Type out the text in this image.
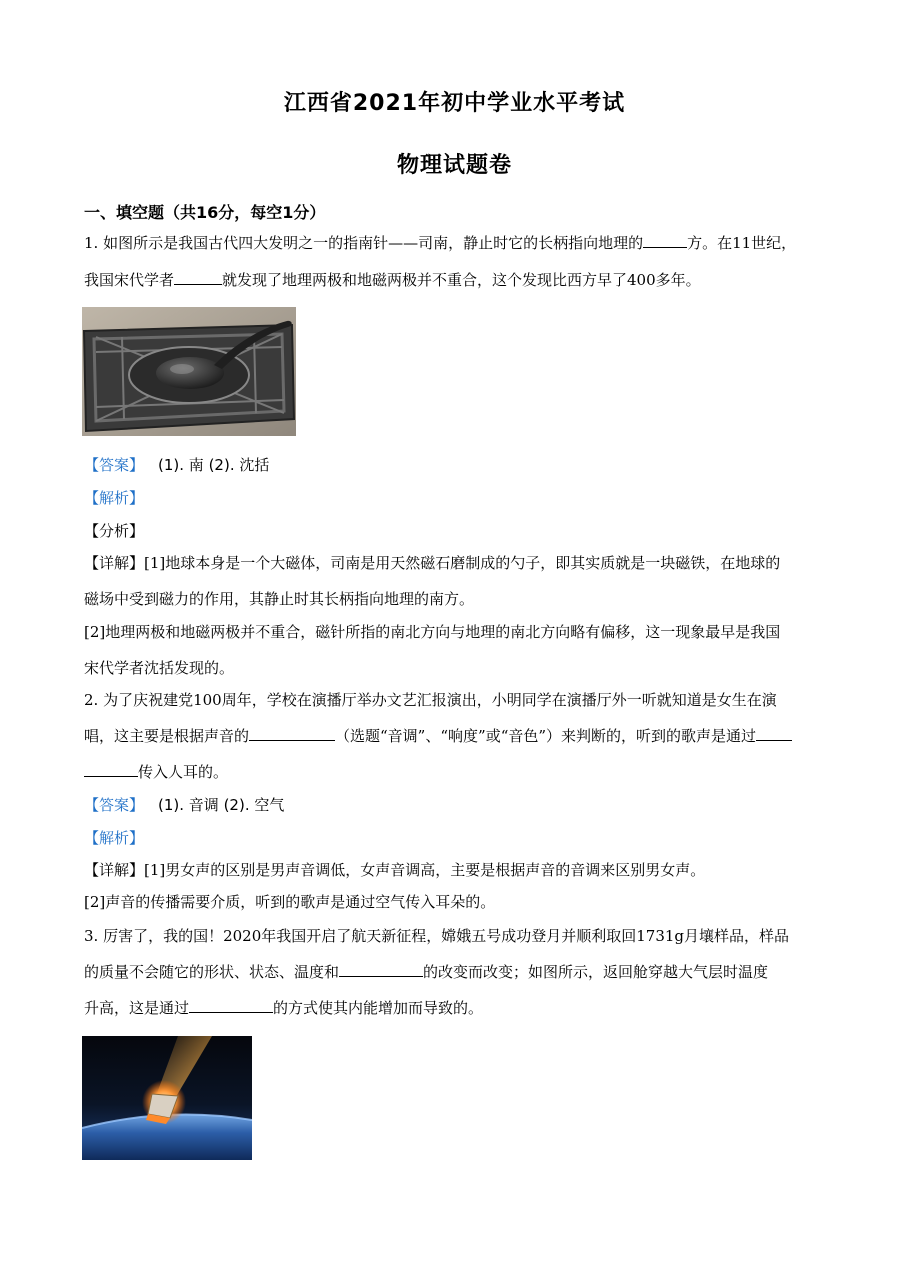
江西省2021年初中学业水平考试
物理试题卷
一、填空题（共16分，每空1分）
1. 如图所示是我国古代四大发明之一的指南针——司南，静止时它的长柄指向地理的	方。在11世纪，
我国宋代学者	就发现了地理两极和地磁两极并不重合，这个发现比西方早了400多年。
【答案】 (1). 南 (2). 沈括
【解析】
【分析】
【详解】[1]地球本身是一个大磁体，司南是用天然磁石磨制成的勺子，即其实质就是一块磁铁，在地球的
磁场中受到磁力的作用，其静止时其长柄指向地理的南方。
[2]地理两极和地磁两极并不重合，磁针所指的南北方向与地理的南北方向略有偏移，这一现象最早是我国
宋代学者沈括发现的。
2. 为了庆祝建党100周年，学校在演播厅举办文艺汇报演出，小明同学在演播厅外一听就知道是女生在演
唱，这主要是根据声音的	（选题“音调”、“响度”或“音色”）来判断的，听到的歌声是通过
传入人耳的。
【答案】 (1). 音调 (2). 空气
【解析】
【详解】[1]男女声的区别是男声音调低，女声音调高，主要是根据声音的音调来区别男女声。
[2]声音的传播需要介质，听到的歌声是通过空气传入耳朵的。
3. 厉害了，我的国！2020年我国开启了航天新征程，嫦娥五号成功登月并顺利取回1731g月壤样品，样品
的质量不会随它的形状、状态、温度和	的改变而改变；如图所示，返回舱穿越大气层时温度
升高，这是通过	的方式使其内能增加而导致的。
